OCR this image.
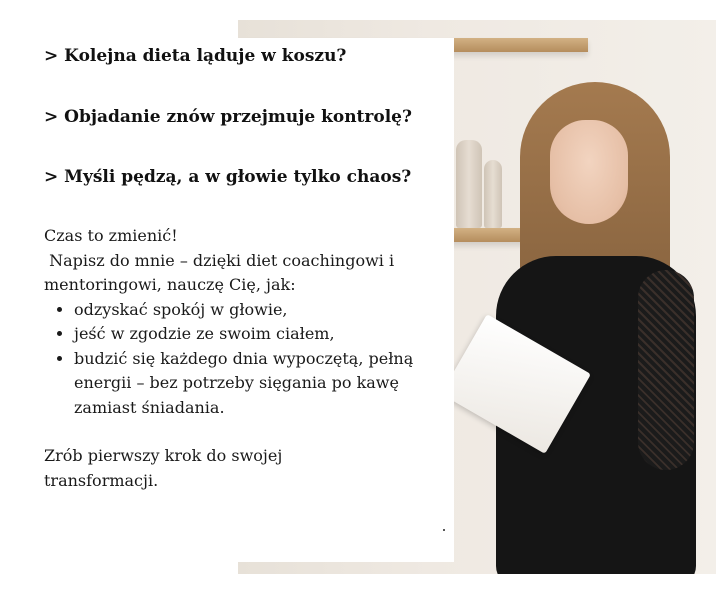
> Kolejna dieta ląduje w koszu?
> Objadanie znów przejmuje kontrolę?
> Myśli pędzą, a w głowie tylko chaos?

Czas to zmienić!

Napisz do mnie – dzięki diet coachingowi i mentoringowi, nauczę Cię, jak:

• odzyskać spokój w głowie,
• jeść w zgodzie ze swoim ciałem,
• budzić się każdego dnia wypoczętą, pełną energii – bez potrzeby sięgania po kawę zamiast śniadania.

Zrób pierwszy krok do swojej transformacji.
